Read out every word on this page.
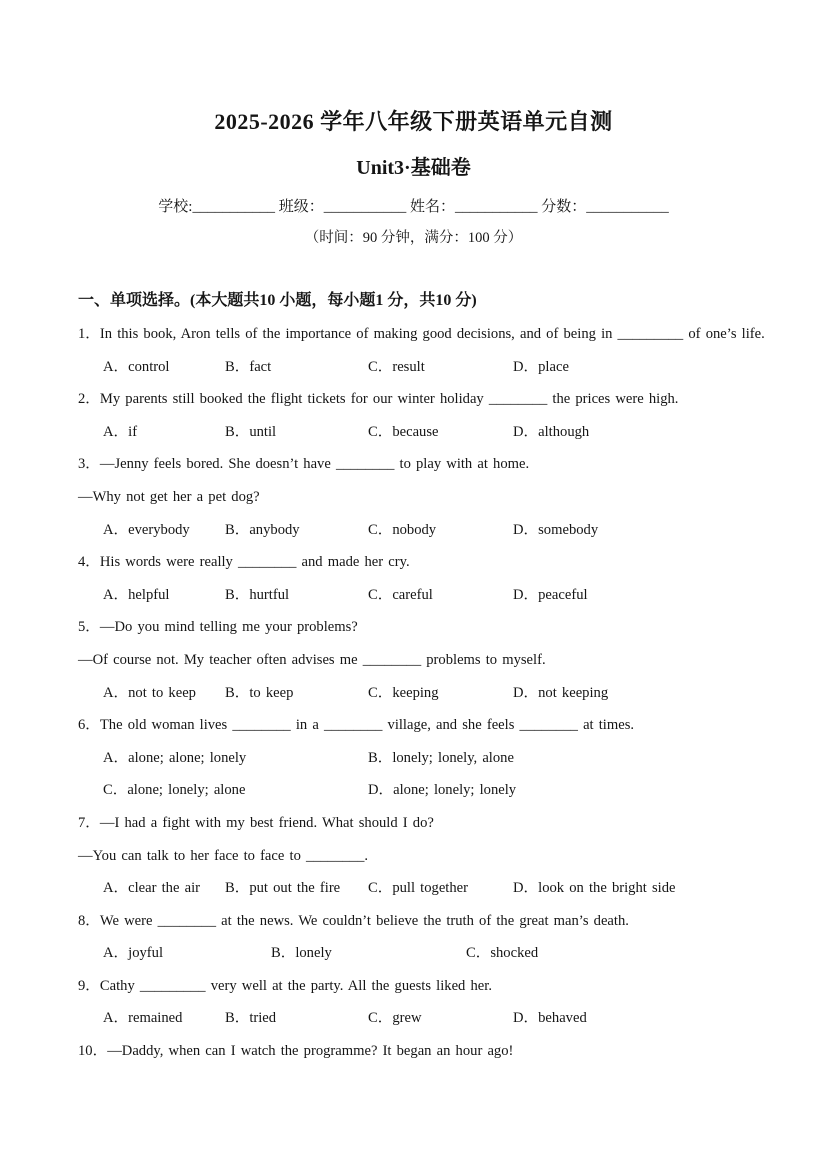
2025-2026 学年八年级下册英语单元自测
Unit3·基础卷
学校:___________ 班级：___________ 姓名：___________ 分数：___________
（时间：90 分钟，满分：100 分）
一、单项选择。(本大题共10 小题，每小题1 分，共10 分)
1．In this book, Aron tells of the importance of making good decisions, and of being in _________ of one’s life.
A．control	B．fact	C．result	D．place
2．My parents still booked the flight tickets for our winter holiday ________ the prices were high.
A．if	B．until	C．because	D．although
3．—Jenny feels bored. She doesn’t have ________ to play with at home.
—Why not get her a pet dog?
A．everybody	B．anybody	C．nobody	D．somebody
4．His words were really ________ and made her cry.
A．helpful	B．hurtful	C．careful	D．peaceful
5．—Do you mind telling me your problems?
—Of course not. My teacher often advises me ________ problems to myself.
A．not to keep	B．to keep	C．keeping	D．not keeping
6．The old woman lives ________ in a ________ village, and she feels ________ at times.
A．alone; alone; lonely	B．lonely; lonely, alone
C．alone; lonely; alone	D．alone; lonely; lonely
7．—I had a fight with my best friend. What should I do?
—You can talk to her face to face to ________.
A．clear the air	B．put out the fire	C．pull together	D．look on the bright side
8．We were ________ at the news. We couldn’t believe the truth of the great man’s death.
A．joyful	B．lonely	C．shocked
9．Cathy _________ very well at the party. All the guests liked her.
A．remained	B．tried	C．grew	D．behaved
10．—Daddy, when can I watch the programme? It began an hour ago!
